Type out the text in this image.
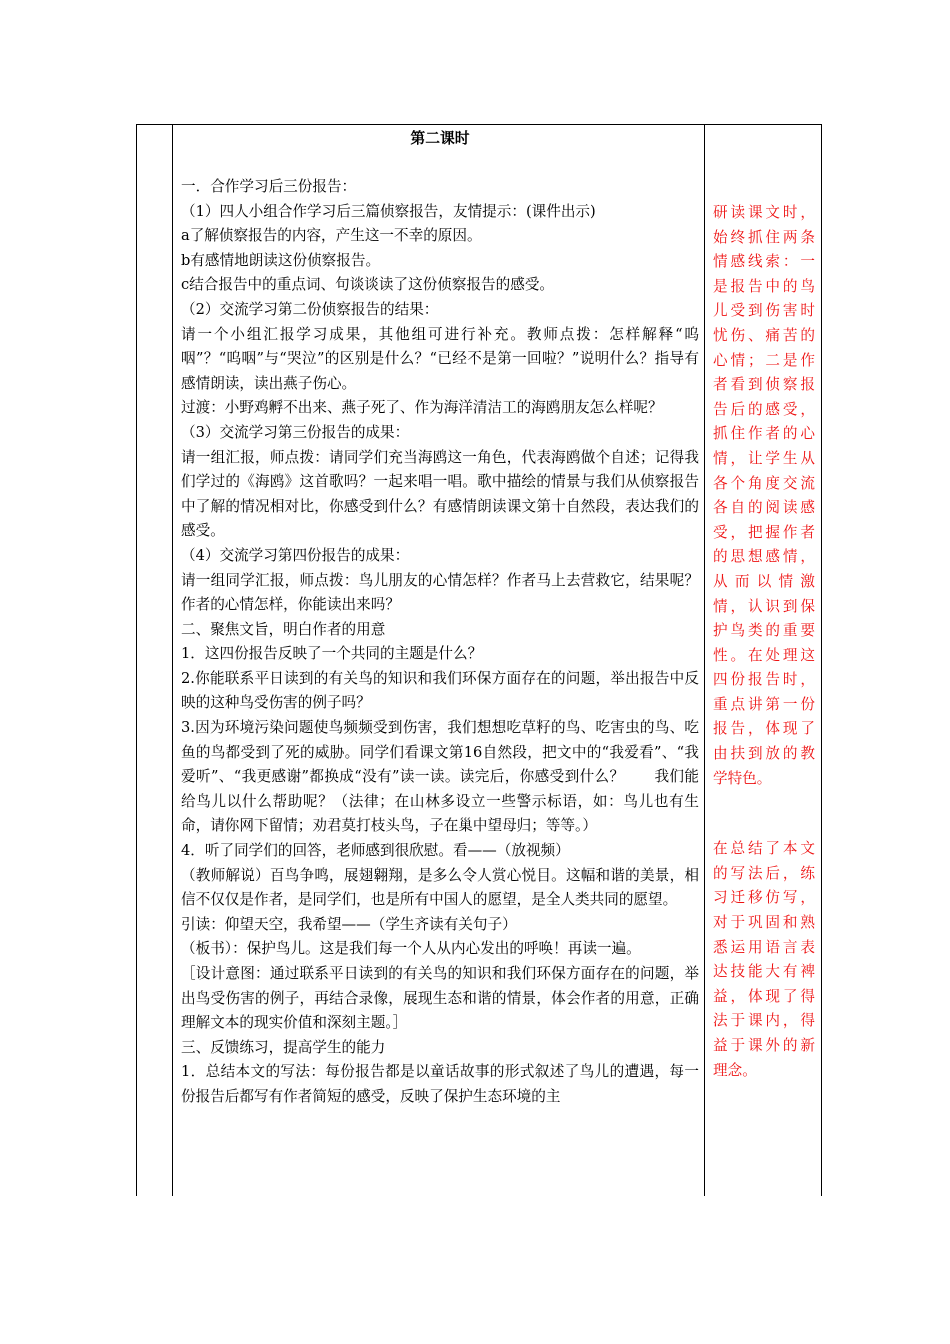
第二课时

一．合作学习后三份报告：

（1）四人小组合作学习后三篇侦察报告，友情提示：(课件出示)

a了解侦察报告的内容，产生这一不幸的原因。

b有感情地朗读这份侦察报告。

c结合报告中的重点词、句谈谈读了这份侦察报告的感受。

（2）交流学习第二份侦察报告的结果：

请一个小组汇报学习成果，其他组可进行补充。教师点拨：怎样解释“呜咽”？“呜咽”与“哭泣”的区别是什么？“已经不是第一回啦？”说明什么？指导有感情朗读，读出燕子伤心。

过渡：小野鸡孵不出来、燕子死了、作为海洋清洁工的海鸥朋友怎么样呢？

（3）交流学习第三份报告的成果：

请一组汇报，师点拨：请同学们充当海鸥这一角色，代表海鸥做个自述；记得我们学过的《海鸥》这首歌吗？一起来唱一唱。歌中描绘的情景与我们从侦察报告中了解的情况相对比，你感受到什么？有感情朗读课文第十自然段，表达我们的感受。

（4）交流学习第四份报告的成果：

请一组同学汇报，师点拨：鸟儿朋友的心情怎样？作者马上去营救它，结果呢？作者的心情怎样，你能读出来吗？

二、聚焦文旨，明白作者的用意

1．这四份报告反映了一个共同的主题是什么？

2.你能联系平日读到的有关鸟的知识和我们环保方面存在的问题，举出报告中反映的这种鸟受伤害的例子吗？

3.因为环境污染问题使鸟频频受到伤害，我们想想吃草籽的鸟、吃害虫的鸟、吃鱼的鸟都受到了死的威胁。同学们看课文第16自然段，把文中的“我爱看”、“我爱听”、“我更感谢”都换成“没有”读一读。读完后，你感受到什么？　　我们能给鸟儿以什么帮助呢？（法律；在山林多设立一些警示标语，如：鸟儿也有生命，请你网下留情；劝君莫打枝头鸟，子在巢中望母归；等等。）

4．听了同学们的回答，老师感到很欣慰。看——（放视频）

（教师解说）百鸟争鸣，展翅翱翔，是多么令人赏心悦目。这幅和谐的美景，相信不仅仅是作者，是同学们，也是所有中国人的愿望，是全人类共同的愿望。

引读：仰望天空，我希望——（学生齐读有关句子）

（板书）：保护鸟儿。这是我们每一个人从内心发出的呼唤！再读一遍。

［设计意图：通过联系平日读到的有关鸟的知识和我们环保方面存在的问题，举出鸟受伤害的例子，再结合录像，展现生态和谐的情景，体会作者的用意，正确理解文本的现实价值和深刻主题。］

三、反馈练习，提高学生的能力

1．总结本文的写法：每份报告都是以童话故事的形式叙述了鸟儿的遭遇，每一份报告后都写有作者简短的感受，反映了保护生态环境的主

研读课文时，始终抓住两条情感线索：一是报告中的鸟儿受到伤害时忧伤、痛苦的心情；二是作者看到侦察报告后的感受，抓住作者的心情，让学生从各个角度交流各自的阅读感受，把握作者的思想感情，从而以情激情，认识到保护鸟类的重要性。在处理这四份报告时，重点讲第一份报告，体现了由扶到放的教学特色。
在总结了本文的写法后，练习迁移仿写，对于巩固和熟悉运用语言表达技能大有裨益，体现了得法于课内，得益于课外的新理念。
